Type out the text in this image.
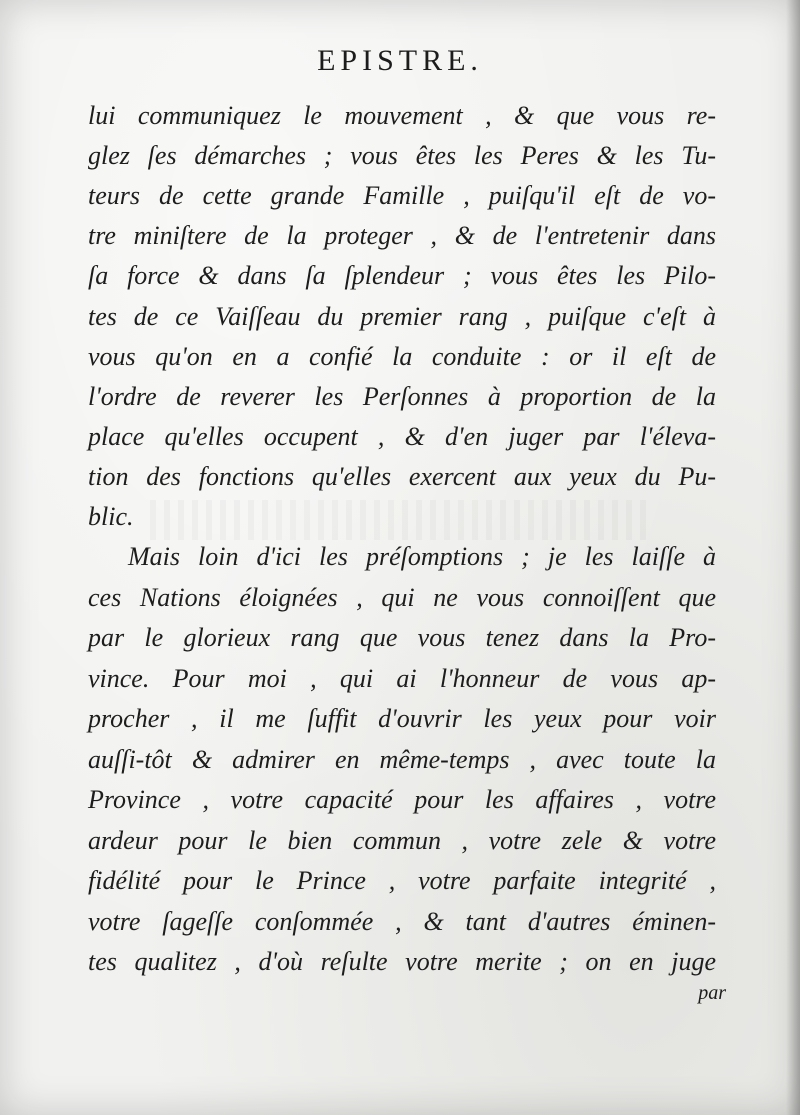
EPISTRE.

lui communiquez le mouvement , & que vous re-

glez ſes démarches ; vous êtes les Peres & les Tu-

teurs de cette grande Famille , puiſqu'il eſt de vo-

tre miniſtere de la proteger , & de l'entretenir dans

ſa force & dans ſa ſplendeur ; vous êtes les Pilo-

tes de ce Vaiſſeau du premier rang , puiſque c'eſt à

vous qu'on en a confié la conduite : or il eſt de

l'ordre de reverer les Perſonnes à proportion de la

place qu'elles occupent , & d'en juger par l'éleva-

tion des fonctions qu'elles exercent aux yeux du Pu-

blic.

Mais loin d'ici les préſomptions ; je les laiſſe à

ces Nations éloignées , qui ne vous connoiſſent que

par le glorieux rang que vous tenez dans la Pro-

vince. Pour moi , qui ai l'honneur de vous ap-

procher , il me ſuffit d'ouvrir les yeux pour voir

auſſi-tôt & admirer en même-temps , avec toute la

Province , votre capacité pour les affaires , votre

ardeur pour le bien commun , votre zele & votre

fidélité pour le Prince , votre parfaite integrité ,

votre ſageſſe conſommée , & tant d'autres éminen-

tes qualitez , d'où reſulte votre merite ; on en juge

par
